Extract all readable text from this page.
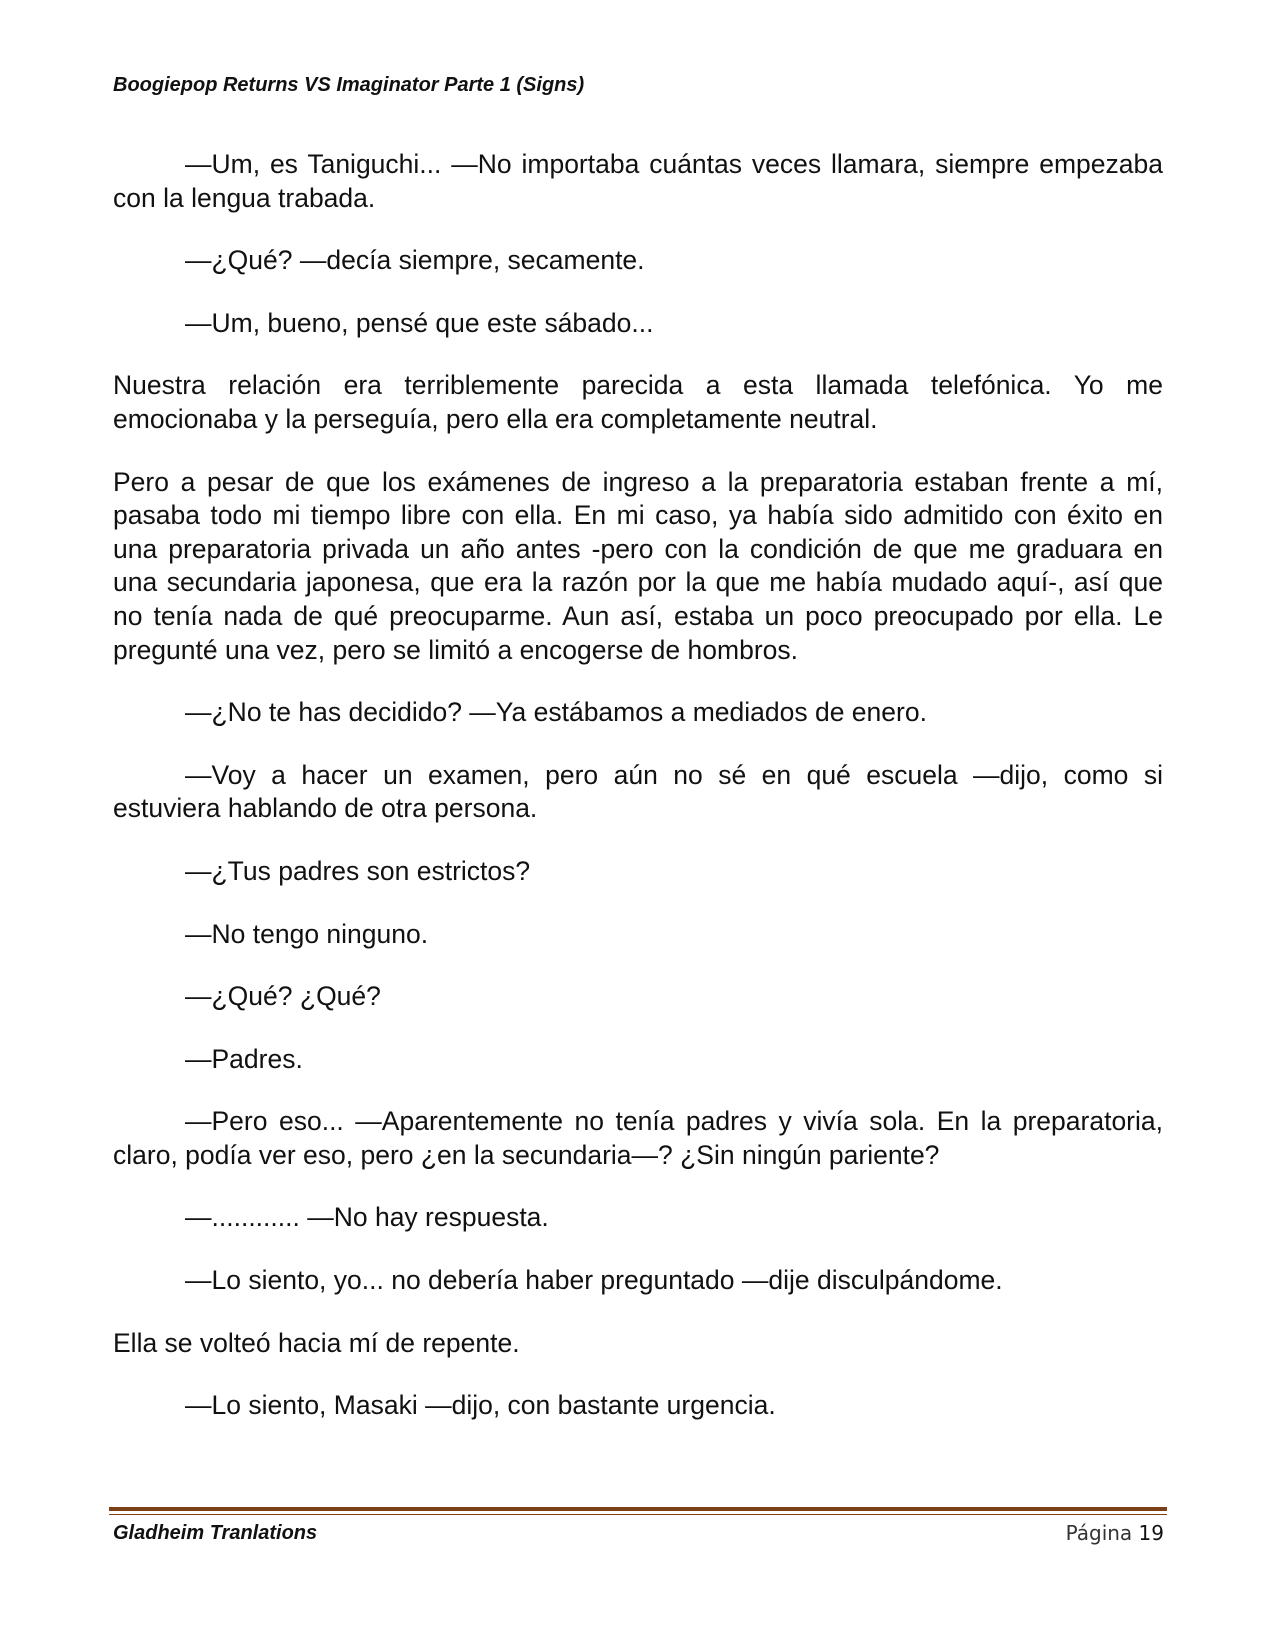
Boogiepop Returns VS Imaginator Parte 1 (Signs)

—Um, es Taniguchi... —No importaba cuántas veces llamara, siempre empezaba con la lengua trabada.

—¿Qué? —decía siempre, secamente.

—Um, bueno, pensé que este sábado...

Nuestra relación era terriblemente parecida a esta llamada telefónica. Yo me emocionaba y la perseguía, pero ella era completamente neutral.

Pero a pesar de que los exámenes de ingreso a la preparatoria estaban frente a mí, pasaba todo mi tiempo libre con ella. En mi caso, ya había sido admitido con éxito en una preparatoria privada un año antes -pero con la condición de que me graduara en una secundaria japonesa, que era la razón por la que me había mudado aquí-, así que no tenía nada de qué preocuparme. Aun así, estaba un poco preocupado por ella. Le pregunté una vez, pero se limitó a encogerse de hombros.

—¿No te has decidido? —Ya estábamos a mediados de enero.

—Voy a hacer un examen, pero aún no sé en qué escuela —dijo, como si estuviera hablando de otra persona.

—¿Tus padres son estrictos?

—No tengo ninguno.

—¿Qué? ¿Qué?

—Padres.

—Pero eso... —Aparentemente no tenía padres y vivía sola. En la preparatoria, claro, podía ver eso, pero ¿en la secundaria—? ¿Sin ningún pariente?

—............ —No hay respuesta.

—Lo siento, yo... no debería haber preguntado —dije disculpándome.

Ella se volteó hacia mí de repente.

—Lo siento, Masaki —dijo, con bastante urgencia.

Gladheim Tranlations	Página 19
